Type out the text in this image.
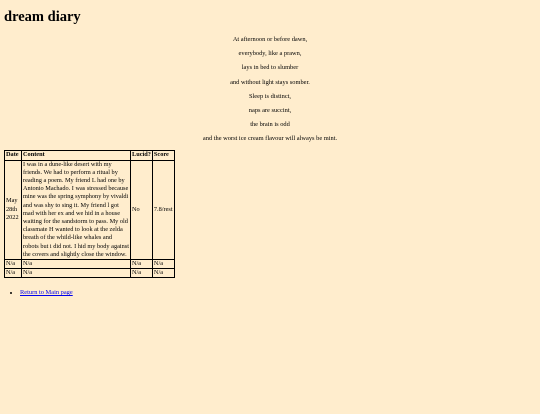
dream diary

At afternoon or before dawn,

everybody, like a prawn,

lays in bed to slumber

and without light stays somber.

Sleep is distinct,

naps are succint,

the brain is odd

and the worst ice cream flavour will always be mint.

Date	Content	Lucid?	Score
May 28th 2022	I was in a dune-like desert with my friends. We had to perform a ritual by reading a poem. My friend L had one by Antonio Machado. I was stressed because mine was the spring symphony by vivaldi and was shy to sing it. My friend l got mad with her ex and we hid in a house waiting for the sandstorm to pass. My old classmate H wanted to look at the zelda breath of the whild-like whales and robots but i did not. I hid my body against the covers and slightly close the window.	No	7.8/rest
N/a	N/a	N/a	N/a
N/a	N/a	N/a	N/a
• Return to Main page
